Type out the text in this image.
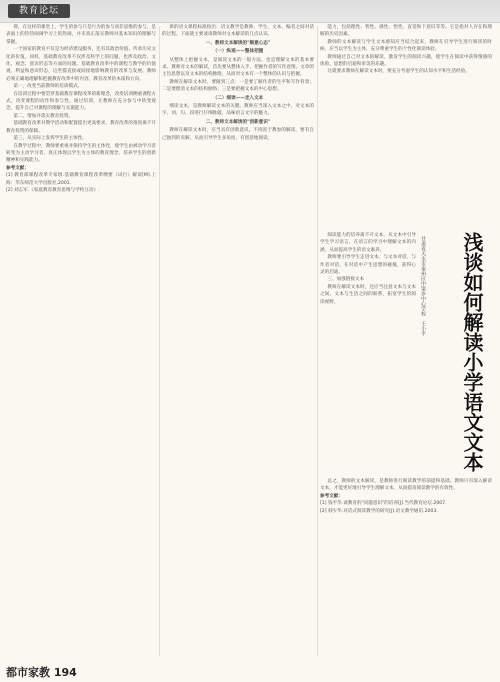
教育论坛

抑，在这样的课堂上，学生的参与只是行为的参与而非思维的参与，是表面上的热热闹闹学习上的热闹，并未真正落实教师对基本知识的理解与掌握。

一个国家的教育不仅是为经济建设服务，还有其政治价值、传承历史文化的价值。同样，基础教育改革不仅涉及科学上的问题，也涉及政治、文化、观念、意识形态等方面的问题。基础教育改革中的课程与教学的价值观、利益和意识形态，这些都直接或间接地影响教育的改革与发展。教师必须正确地理解和把握教育改革中的内容，教育改革的本质和方向。

第一，改变当前教师的培训模式。

在培训过程中要贯穿基础教育课程改革的新理念，改变培训侧重课程方式，改变课程的动作和参与性。通过培训，让教师在充分参与中转变观念，提升自己对课程的理解与实施能力。

第二，增加并落实教育投资。

基础教育改革对教学活动和配置提出更高要求，教育改革的推进离不开教育投资的保障。

第三，从实际上发挥学生的主体性。

在教学过程中，教师要重视并保持学生的主体性，使学生由被动学习者转变为主动学习者，真正体现以学生为主体的教育理念，培养学生的创新精神和实践能力。

参考文献：

[1] 教育部课程改革专家组.基础教育课程改革纲要（试行）解读[M].上海：华东师范大学出版社,2001.

[2] 刘志军.《家庭教育教育思维与学校互动》.

新的语文课程标准指出：语文教学是教师、学生、文本、编者之间对话的过程。下面就主要谈谈教师对文本解读的几点认识。

一、教师文本解读的"顺意心态"

（一）纵观——整体把握

从整体上把握文本，是阅读文本的一般方法，也是理解文本的基本要求。教师对文本的解读，首先要从整体入手，把握作者的写作意图、文章的主旨思想以及文本的结构脉络，从而对文本有一个整体的认识与把握。

教师在解读文本时，要做到三点：一是要了解作者的生平和写作背景；二是要理清文本的结构脉络；三是要把握文本的中心思想。

（二）细读——走入文本

细读文本，是教师解读文本的关键。教师应当深入文本之中，对文本的字、词、句、段进行仔细推敲，品味语言文字的魅力。

二、教师文本解读的"创新意识"

教师在解读文本时，应当具有创新意识，不拘泥于教参的解读，要有自己独到的见解，从而引导学生多角度、有创意地阅读。

能力，包括理性、智性、感性、悟性、直觉和下意识等等。它是指对人存在和理解的历史因素。

教师的文本解读与学生文本感知应当结合起来，教师在引导学生进行阅读的时候，应当以学生为主体，充分尊重学生的个性化阅读体验。

教师通过自己对文本的解读，激发学生的阅读兴趣，使学生在阅读中获得情感的体验、思想的启迪和审美的乐趣。

这就要求教师在解读文本时，要充分考虑学生的认知水平和生活经验。

阅读能力的培养离不开文本，从文本中引导学生学习语言，在语言的学习中理解文本的内涵，从而提高学生的语文素养。

教师要引导学生走进文本，与文本对话，与作者对话，在对话中产生思想的碰撞，获得心灵的启迪。

三、加强链接文本

教师在解读文本时，还应当注意文本与文本之间、文本与生活之间的联系，拓宽学生的阅读视野。	浅谈如何解读小学语文文本
甘肃省天水市秦州区中梁乡中心学校　王小平

总之，教师的文本解读，是教师进行阅读教学的前提和基础。教师只有深入解读文本，才能更好地引导学生理解文本，从而提高阅读教学的有效性。

参考文献：

[1] 钱平华.谈教育的"问题意识"的培养[J].当代教育论坛.2007.

[2] 韩少华.对话式阅读教学的研究[J].语文教学通讯.2003.

都市家教 194
